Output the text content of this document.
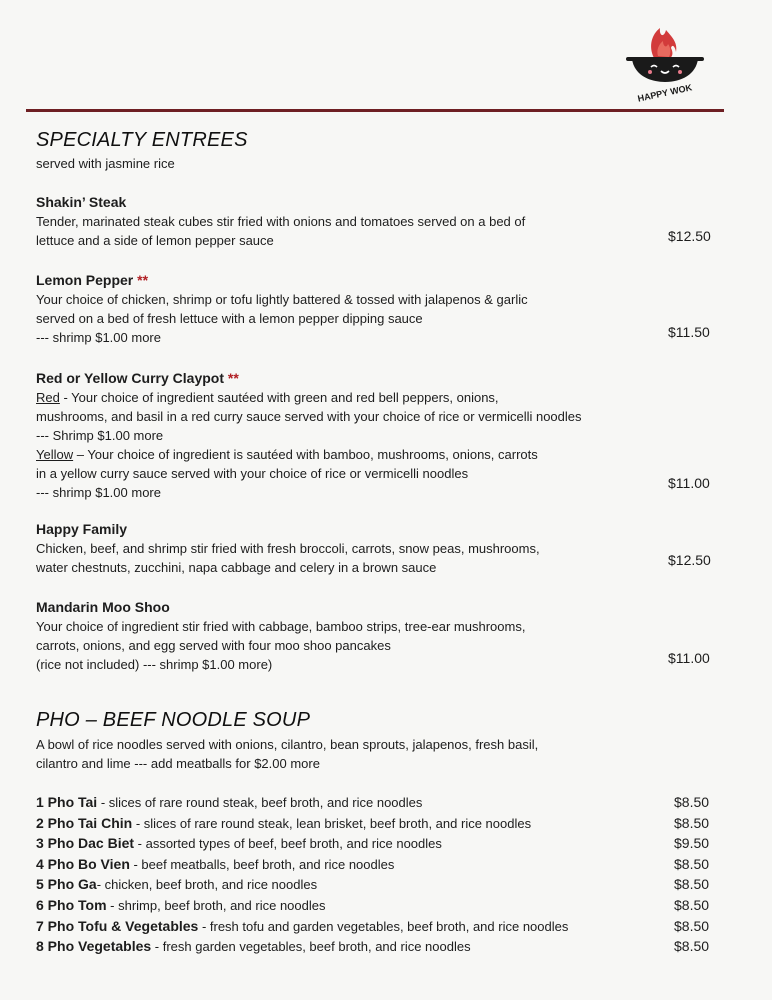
HAPPY WOK
SPECIALTY ENTREES
served with jasmine rice
Shakin’ Steak
Tender, marinated steak cubes stir fried with onions and tomatoes served on a bed of
lettuce and a side of lemon pepper sauce	$12.50
Lemon Pepper **
Your choice of chicken, shrimp or tofu lightly battered & tossed with jalapenos & garlic
served on a bed of fresh lettuce with a lemon pepper dipping sauce
--- shrimp $1.00 more	$11.50
Red or Yellow Curry Claypot **
Red - Your choice of ingredient sautéed with green and red bell peppers, onions,
mushrooms, and basil in a red curry sauce served with your choice of rice or vermicelli noodles
--- Shrimp $1.00 more
Yellow – Your choice of ingredient is sautéed with bamboo, mushrooms, onions, carrots
in a yellow curry sauce served with your choice of rice or vermicelli noodles
--- shrimp $1.00 more
$11.00
Happy Family
Chicken, beef, and shrimp stir fried with fresh broccoli, carrots, snow peas, mushrooms,
water chestnuts, zucchini, napa cabbage and celery in a brown sauce	$12.50
Mandarin Moo Shoo
Your choice of ingredient stir fried with cabbage, bamboo strips, tree-ear mushrooms,
carrots, onions, and egg served with four moo shoo pancakes
(rice not included) --- shrimp $1.00 more)	$11.00
PHO – BEEF NOODLE SOUP
A bowl of rice noodles served with onions, cilantro, bean sprouts, jalapenos, fresh basil,
cilantro and lime --- add meatballs for $2.00 more
1 Pho Tai - slices of rare round steak, beef broth, and rice noodles	$8.50
2 Pho Tai Chin - slices of rare round steak, lean brisket, beef broth, and rice noodles	$8.50
3 Pho Dac Biet - assorted types of beef, beef broth, and rice noodles	$9.50
4 Pho Bo Vien - beef meatballs, beef broth, and rice noodles	$8.50
5 Pho Ga- chicken, beef broth, and rice noodles	$8.50
6 Pho Tom - shrimp, beef broth, and rice noodles	$8.50
7 Pho Tofu & Vegetables - fresh tofu and garden vegetables, beef broth, and rice noodles	$8.50
8 Pho Vegetables - fresh garden vegetables, beef broth, and rice noodles	$8.50
